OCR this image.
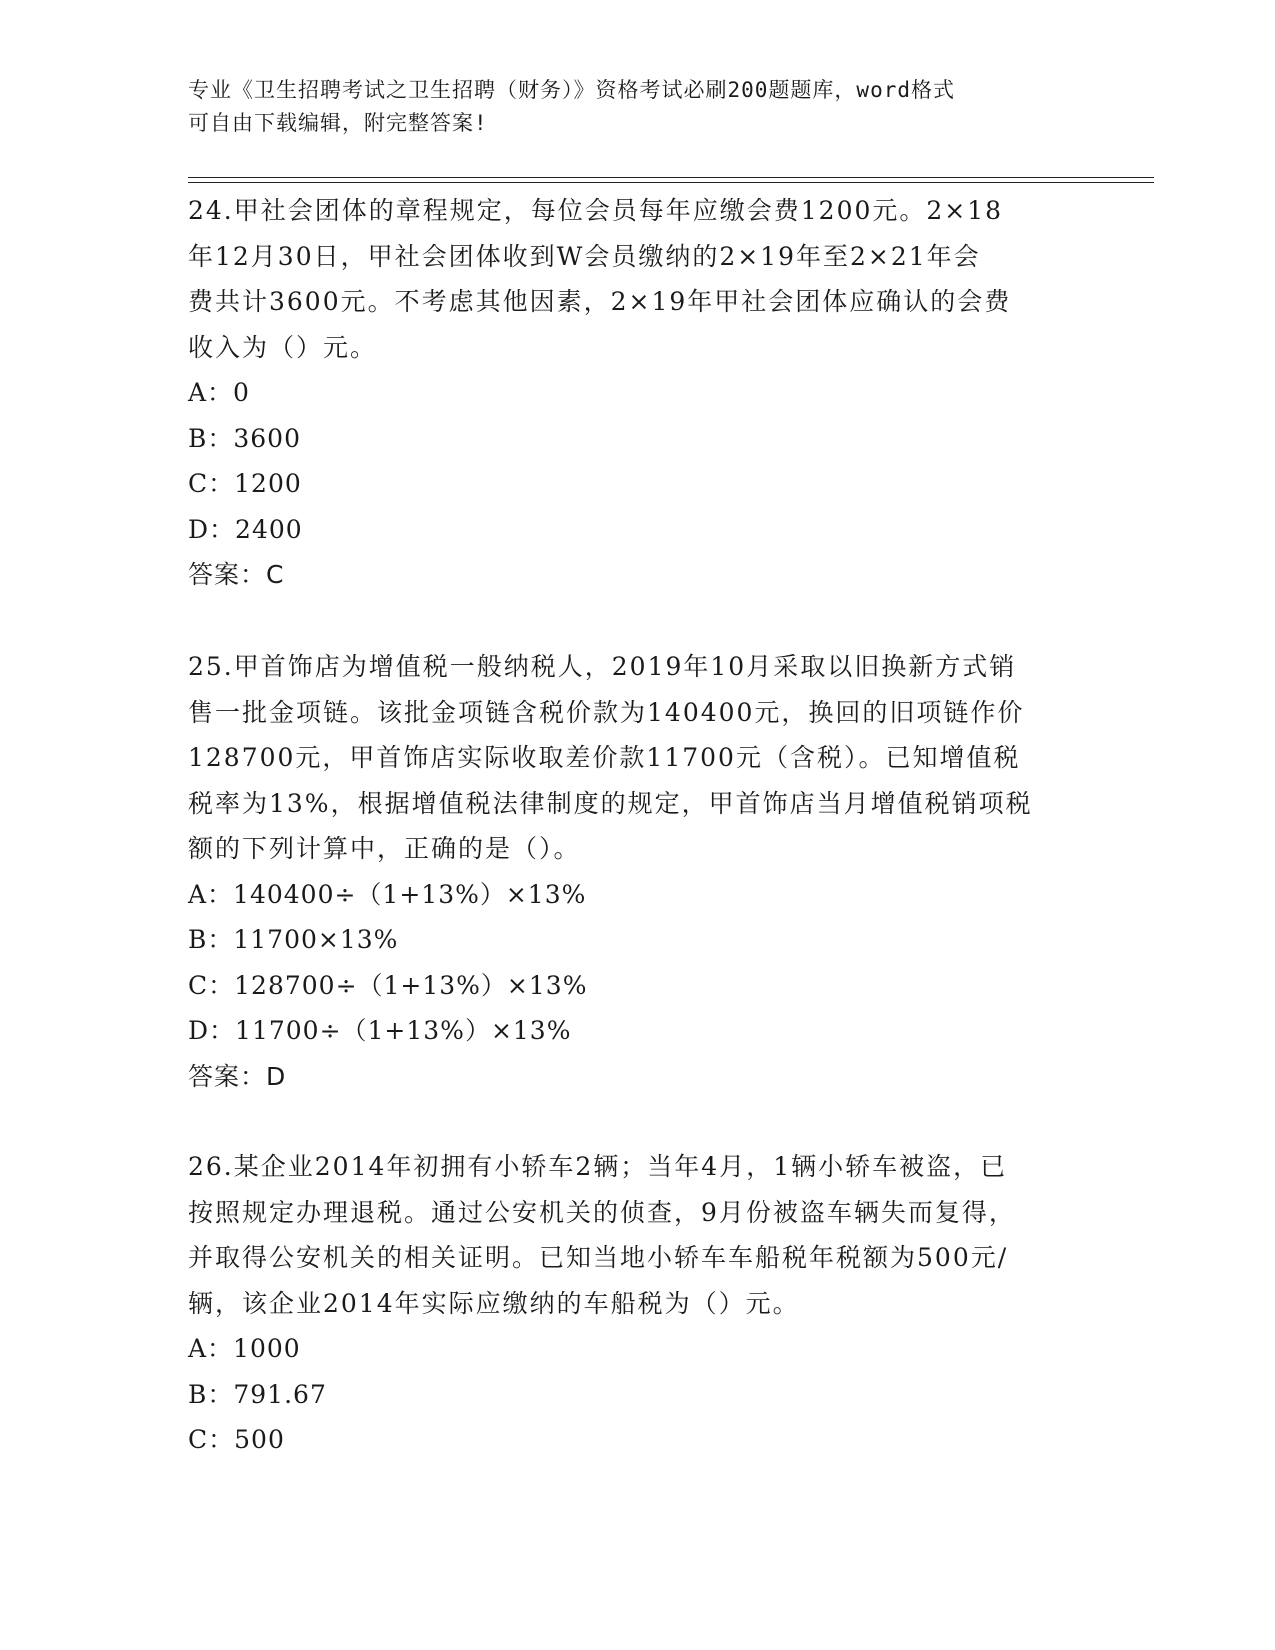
专业《卫生招聘考试之卫生招聘（财务）》资格考试必刷200题题库，word格式
可自由下载编辑，附完整答案!
24.甲社会团体的章程规定，每位会员每年应缴会费1200元。2×18
年12月30日，甲社会团体收到W会员缴纳的2×19年至2×21年会
费共计3600元。不考虑其他因素，2×19年甲社会团体应确认的会费
收入为（）元。
A：0
B：3600
C：1200
D：2400
答案：C
25.甲首饰店为增值税一般纳税人，2019年10月采取以旧换新方式销
售一批金项链。该批金项链含税价款为140400元，换回的旧项链作价
128700元，甲首饰店实际收取差价款11700元（含税）。已知增值税
税率为13%，根据增值税法律制度的规定，甲首饰店当月增值税销项税
额的下列计算中，正确的是（）。
A：140400÷（1+13%）×13%
B：11700×13%
C：128700÷（1+13%）×13%
D：11700÷（1+13%）×13%
答案：D
26.某企业2014年初拥有小轿车2辆；当年4月，1辆小轿车被盗，已
按照规定办理退税。通过公安机关的侦查，9月份被盗车辆失而复得，
并取得公安机关的相关证明。已知当地小轿车车船税年税额为500元/
辆，该企业2014年实际应缴纳的车船税为（）元。
A：1000
B：791.67
C：500
